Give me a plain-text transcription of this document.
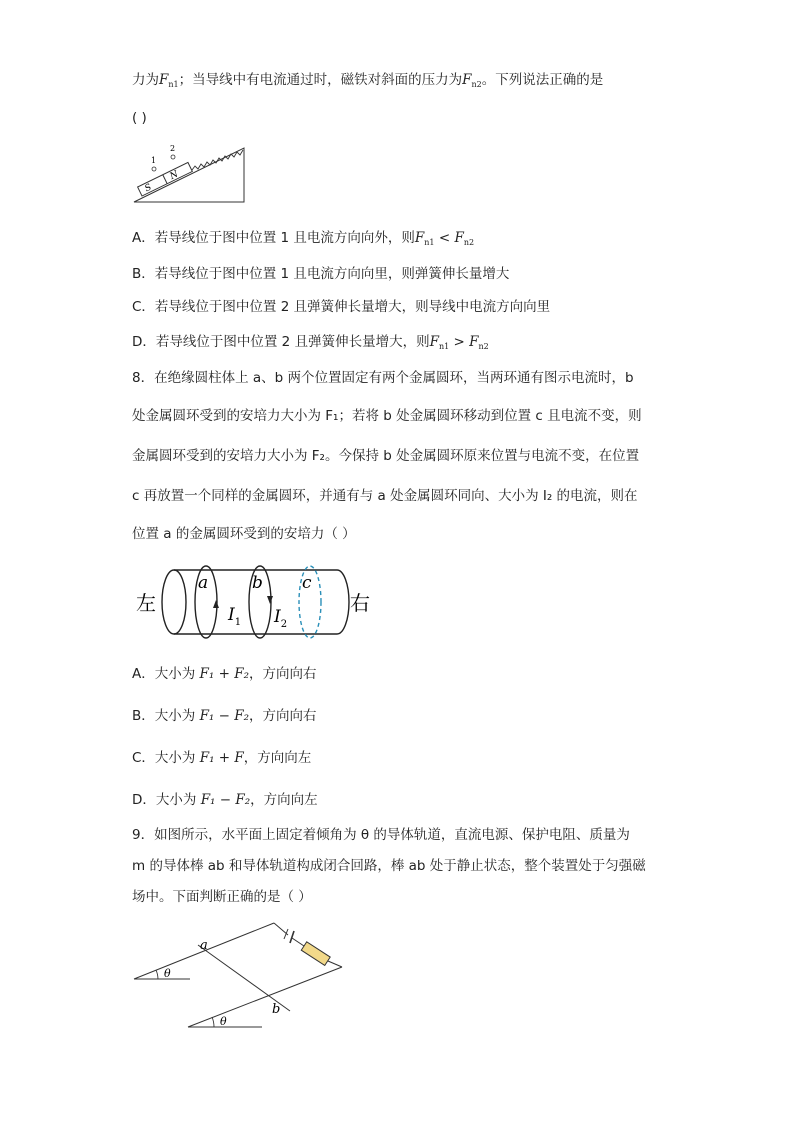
力为$F_{n1}$；当导线中有电流通过时，磁铁对斜面的压力为$F_{n2}$。下列说法正确的是
( )
S
N
1
2
A．若导线位于图中位置 1 且电流方向向外，则$F_{n1} < F_{n2}$
B．若导线位于图中位置 1 且电流方向向里，则弹簧伸长量增大
C．若导线位于图中位置 2 且弹簧伸长量增大，则导线中电流方向向里
D．若导线位于图中位置 2 且弹簧伸长量增大，则$F_{n1} > F_{n2}$
8．在绝缘圆柱体上 a、b 两个位置固定有两个金属圆环，当两环通有图示电流时，b
处金属圆环受到的安培力大小为 F₁；若将 b 处金属圆环移动到位置 c 且电流不变，则
金属圆环受到的安培力大小为 F₂。今保持 b 处金属圆环原来位置与电流不变，在位置
c 再放置一个同样的金属圆环，并通有与 a 处金属圆环同向、大小为 I₂ 的电流，则在
位置 a 的金属圆环受到的安培力（ ）
左	右
a
$I_1$
b
$I_2$
c
A．大小为 F₁ + F₂，方向向右
B．大小为 F₁ − F₂，方向向右
C．大小为 F₁ + F，方向向左
D．大小为 F₁ − F₂，方向向左
9．如图所示，水平面上固定着倾角为 θ 的导体轨道，直流电源、保护电阻、质量为
m 的导体棒 ab 和导体轨道构成闭合回路，棒 ab 处于静止状态，整个装置处于匀强磁
场中。下面判断正确的是（ ）
a
b
θ
θ
